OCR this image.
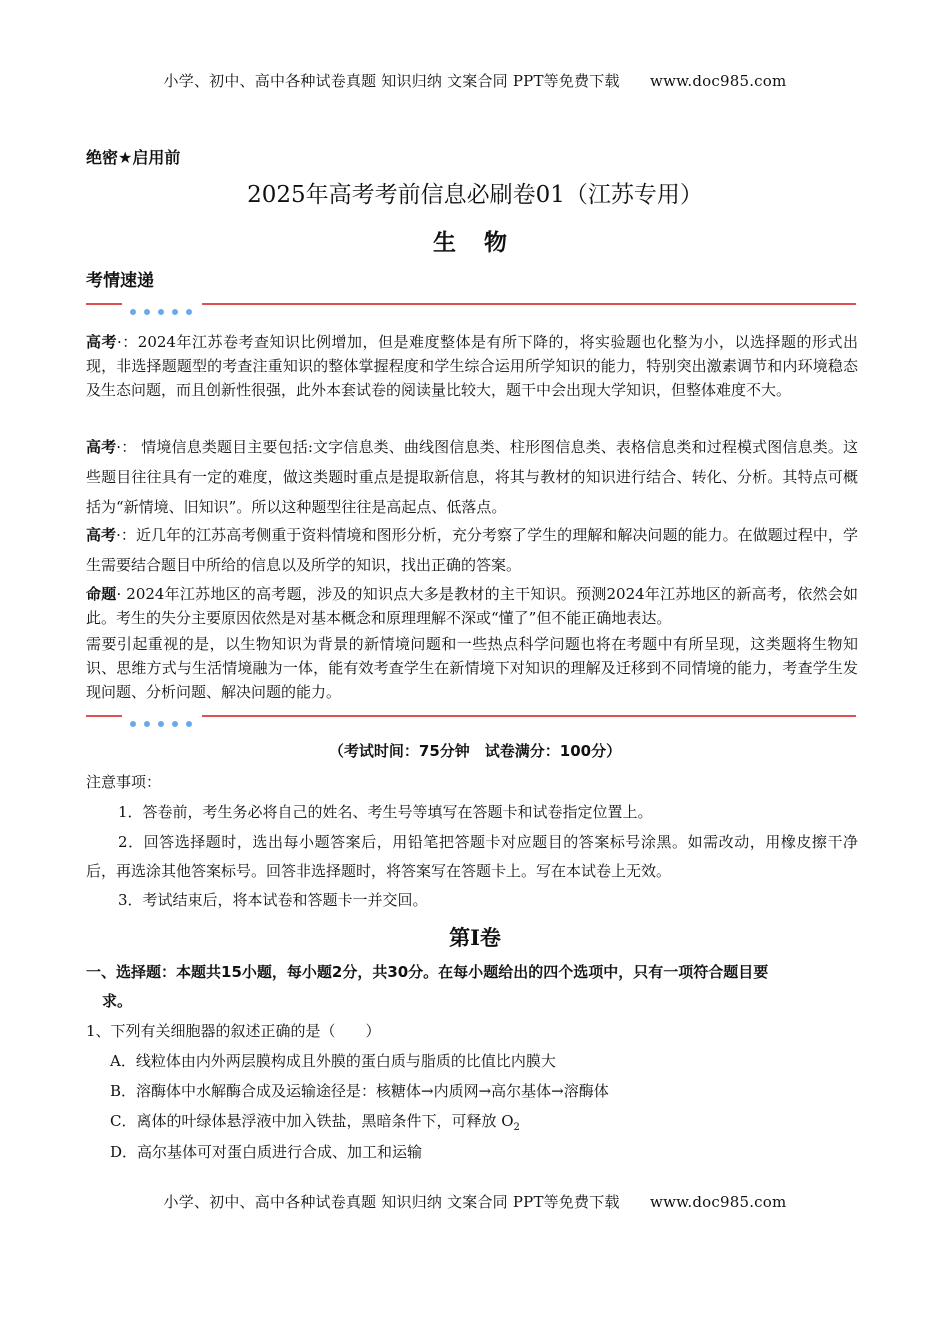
小学、初中、高中各种试卷真题 知识归纳 文案合同 PPT等免费下载　　www.doc985.com
绝密★启用前
2025年高考考前信息必刷卷01（江苏专用）
生 物
考情速递
高考·：2024年江苏卷考查知识比例增加，但是难度整体是有所下降的，将实验题也化整为小，以选择题的形式出现，非选择题题型的考查注重知识的整体掌握程度和学生综合运用所学知识的能力，特别突出激素调节和内环境稳态及生态问题，而且创新性很强，此外本套试卷的阅读量比较大，题干中会出现大学知识，但整体难度不大。
高考·： 情境信息类题目主要包括:文字信息类、曲线图信息类、柱形图信息类、表格信息类和过程模式图信息类。这些题目往往具有一定的难度，做这类题时重点是提取新信息，将其与教材的知识进行结合、转化、分析。其特点可概括为“新情境、旧知识”。所以这种题型往往是高起点、低落点。
高考·：近几年的江苏高考侧重于资料情境和图形分析，充分考察了学生的理解和解决问题的能力。在做题过程中，学生需要结合题目中所给的信息以及所学的知识，找出正确的答案。
命题· 2024年江苏地区的高考题，涉及的知识点大多是教材的主干知识。预测2024年江苏地区的新高考，依然会如此。考生的失分主要原因依然是对基本概念和原理理解不深或“懂了”但不能正确地表达。
需要引起重视的是，以生物知识为背景的新情境问题和一些热点科学问题也将在考题中有所呈现，这类题将生物知识、思维方式与生活情境融为一体，能有效考查学生在新情境下对知识的理解及迁移到不同情境的能力，考查学生发现问题、分析问题、解决问题的能力。
（考试时间：75分钟　试卷满分：100分）
注意事项：
1．答卷前，考生务必将自己的姓名、考生号等填写在答题卡和试卷指定位置上。
2．回答选择题时，选出每小题答案后，用铅笔把答题卡对应题目的答案标号涂黑。如需改动，用橡皮擦干净后，再选涂其他答案标号。回答非选择题时，将答案写在答题卡上。写在本试卷上无效。
3．考试结束后，将本试卷和答题卡一并交回。
第Ⅰ卷
一、选择题：本题共15小题，每小题2分，共30分。在每小题给出的四个选项中，只有一项符合题目要
求。
1、下列有关细胞器的叙述正确的是（　　）
A．线粒体由内外两层膜构成且外膜的蛋白质与脂质的比值比内膜大
B．溶酶体中水解酶合成及运输途径是：核糖体→内质网→高尔基体→溶酶体
C．离体的叶绿体悬浮液中加入铁盐，黑暗条件下，可释放 $O_2$
D．高尔基体可对蛋白质进行合成、加工和运输
小学、初中、高中各种试卷真题 知识归纳 文案合同 PPT等免费下载　　www.doc985.com
